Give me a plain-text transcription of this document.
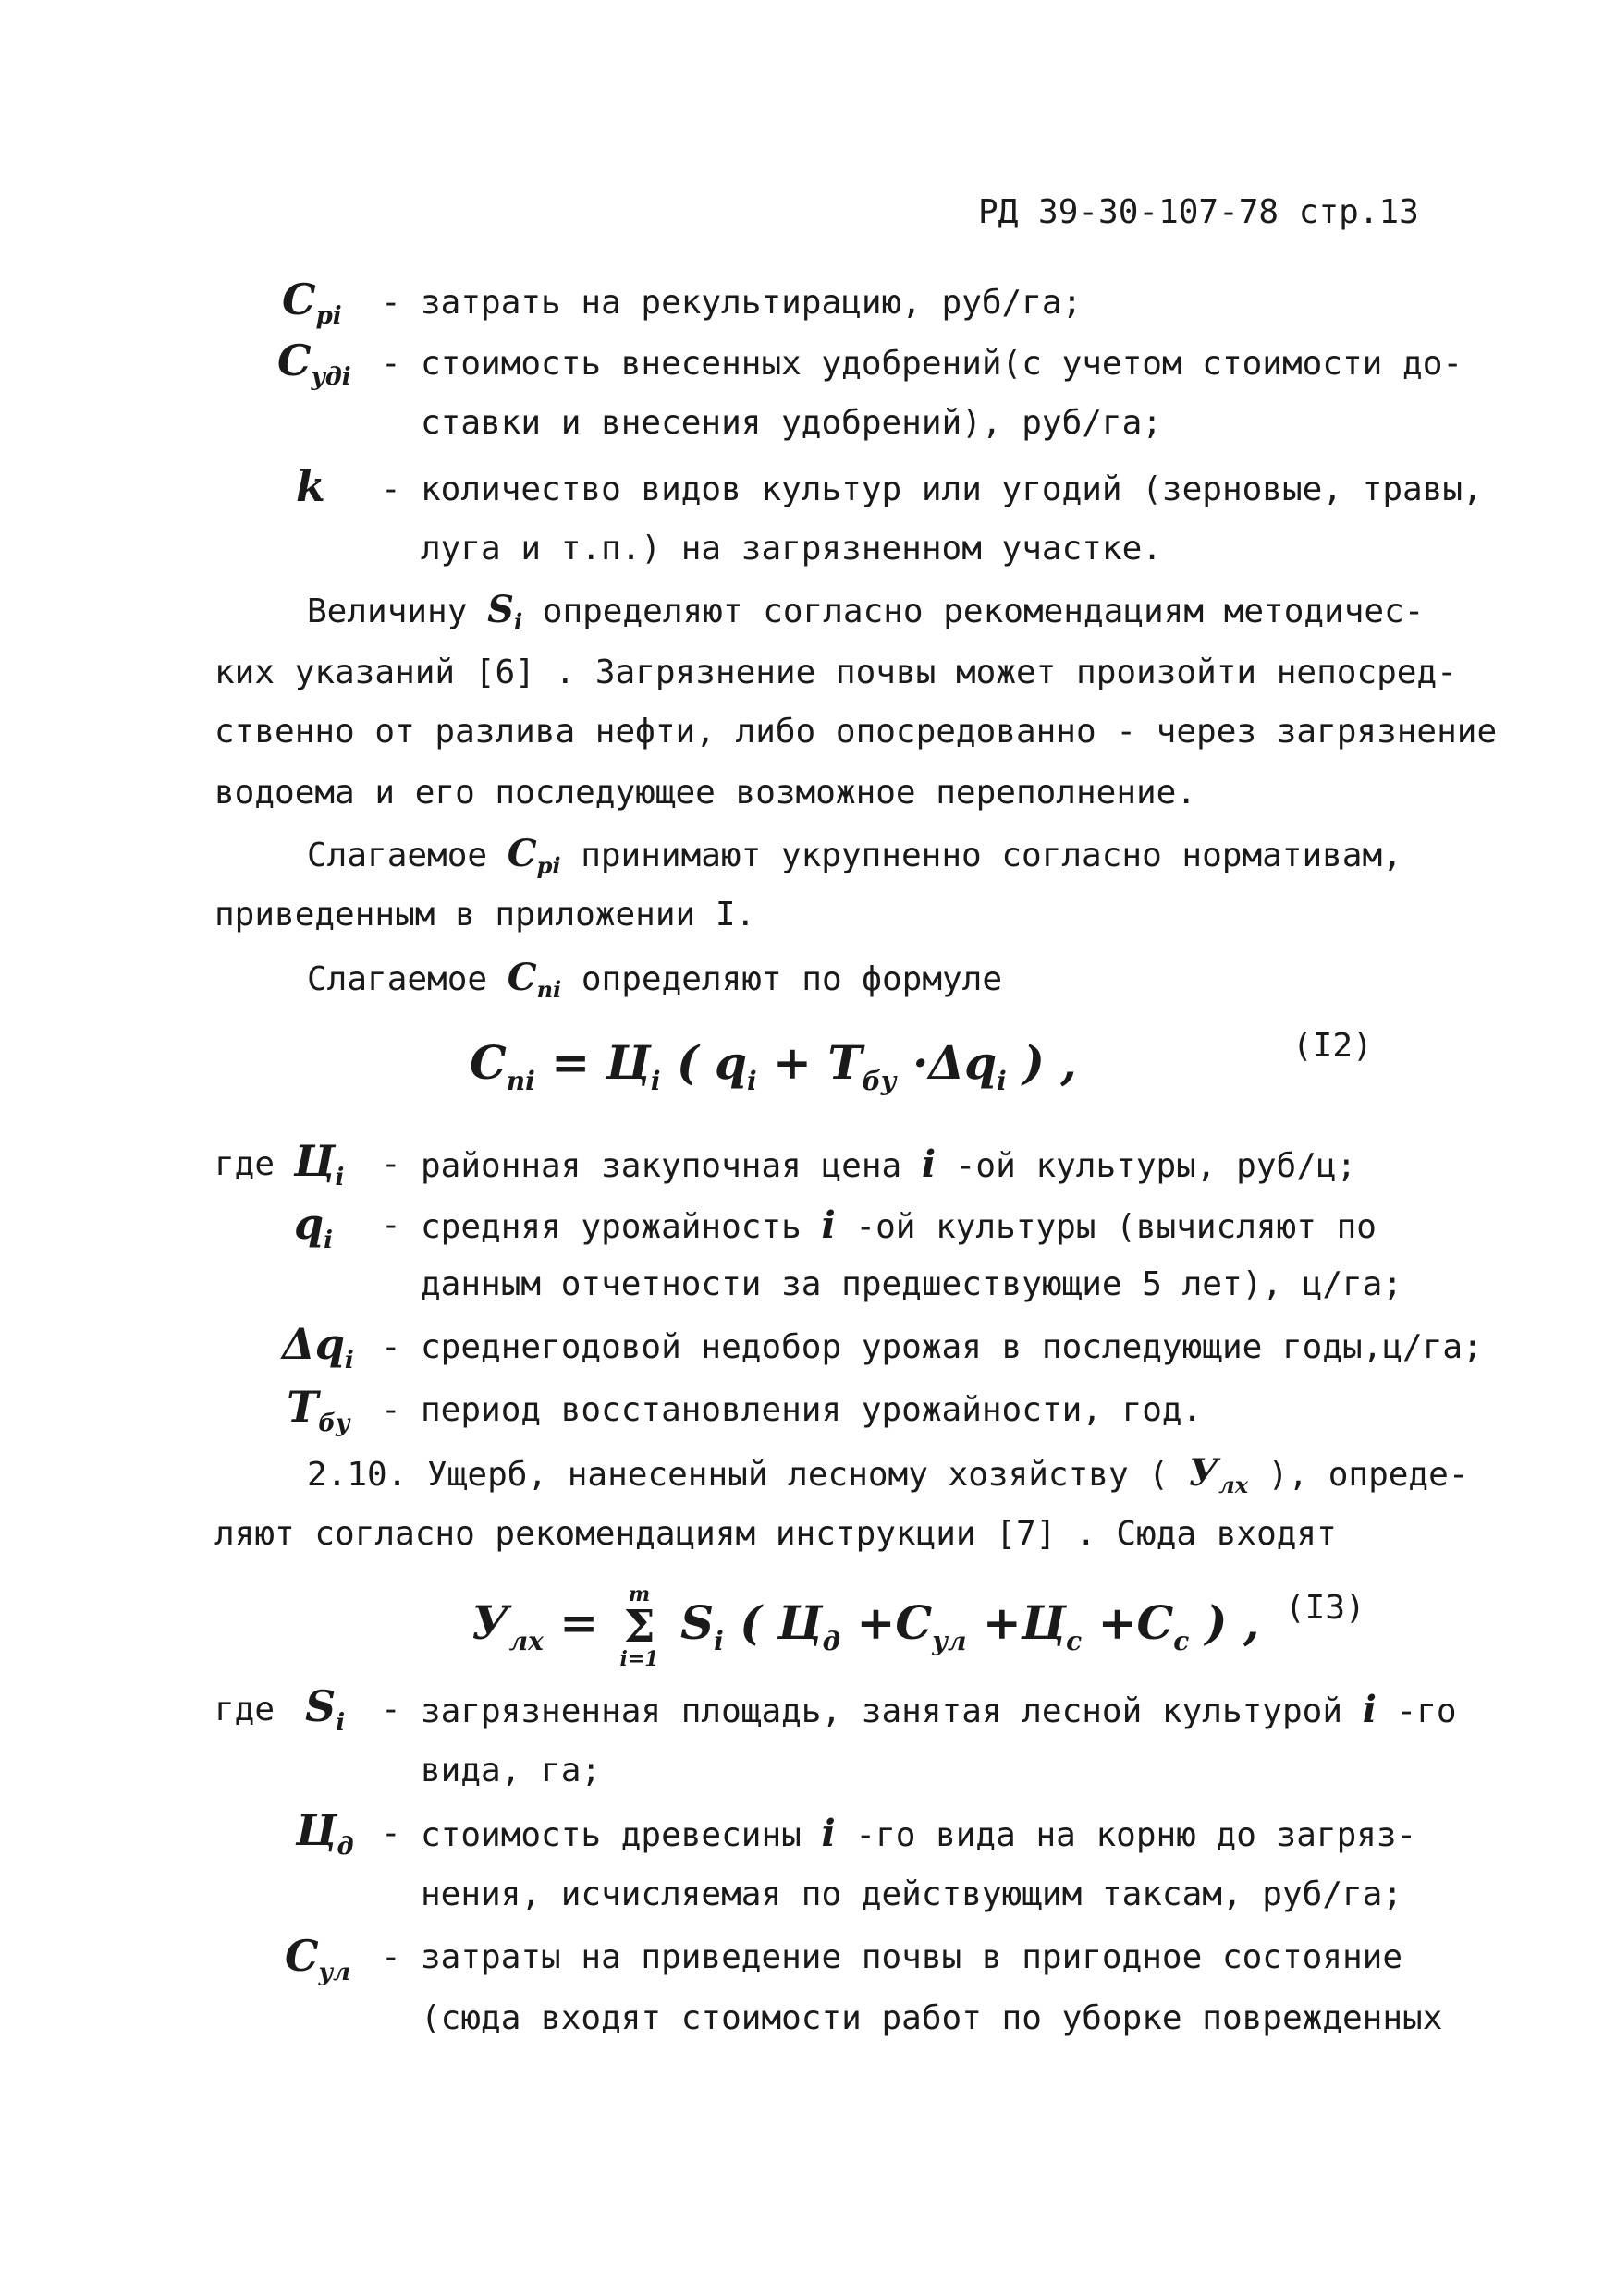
РД 39-30-107-78 стр.13
$C_{pi}$ - затрать на рекультирацию, руб/га;
$C_{yдi}$ - стоимость внесенных удобрений(с учетом стоимости до-
ставки и внесения удобрений), руб/га;
k - количество видов культур или угодий (зерновые, травы,
луга и т.п.) на загрязненном участке.
Величину $S_i$ определяют согласно рекомендациям методичес-
ких указаний [6] . Загрязнение почвы может произойти непосред-
ственно от разлива нефти, либо опосредованно - через загрязнение
водоема и его последующее возможное переполнение.
Слагаемое $C_{pi}$ принимают укрупненно согласно нормативам,
приведенным в приложении I.
Слагаемое $C_{ni}$ определяют по формуле
$C_{ni} = Ц_i$ ( $q_i + T_{бу} \cdot\Delta q_i$ ) ,	(I2)
где $Ц_i$ - районная закупочная цена i -ой культуры, руб/ц;
$q_i$ - средняя урожайность i -ой культуры (вычисляют по
данным отчетности за предшествующие 5 лет), ц/га;
$\Delta q_i$ - среднегодовой недобор урожая в последующие годы,ц/га;
$T_{бу}$ - период восстановления урожайности, год.
2.10. Ущерб, нанесенный лесному хозяйству ( $У_{лх}$ ), опреде-
ляют согласно рекомендациям инструкции [7] . Сюда входят
$У_{лх}$ =
m
Σ
i=1
$S_i$ ( $Ц_д +C_{ул} +Ц_с +C_с$ ) , (I3)
где $S_i$ - загрязненная площадь, занятая лесной культурой i -го
вида, га;
$Ц_д$ - стоимость древесины i -го вида на корню до загряз-
нения, исчисляемая по действующим таксам, руб/га;
$C_{ул}$ - затраты на приведение почвы в пригодное состояние
(сюда входят стоимости работ по уборке поврежденных
